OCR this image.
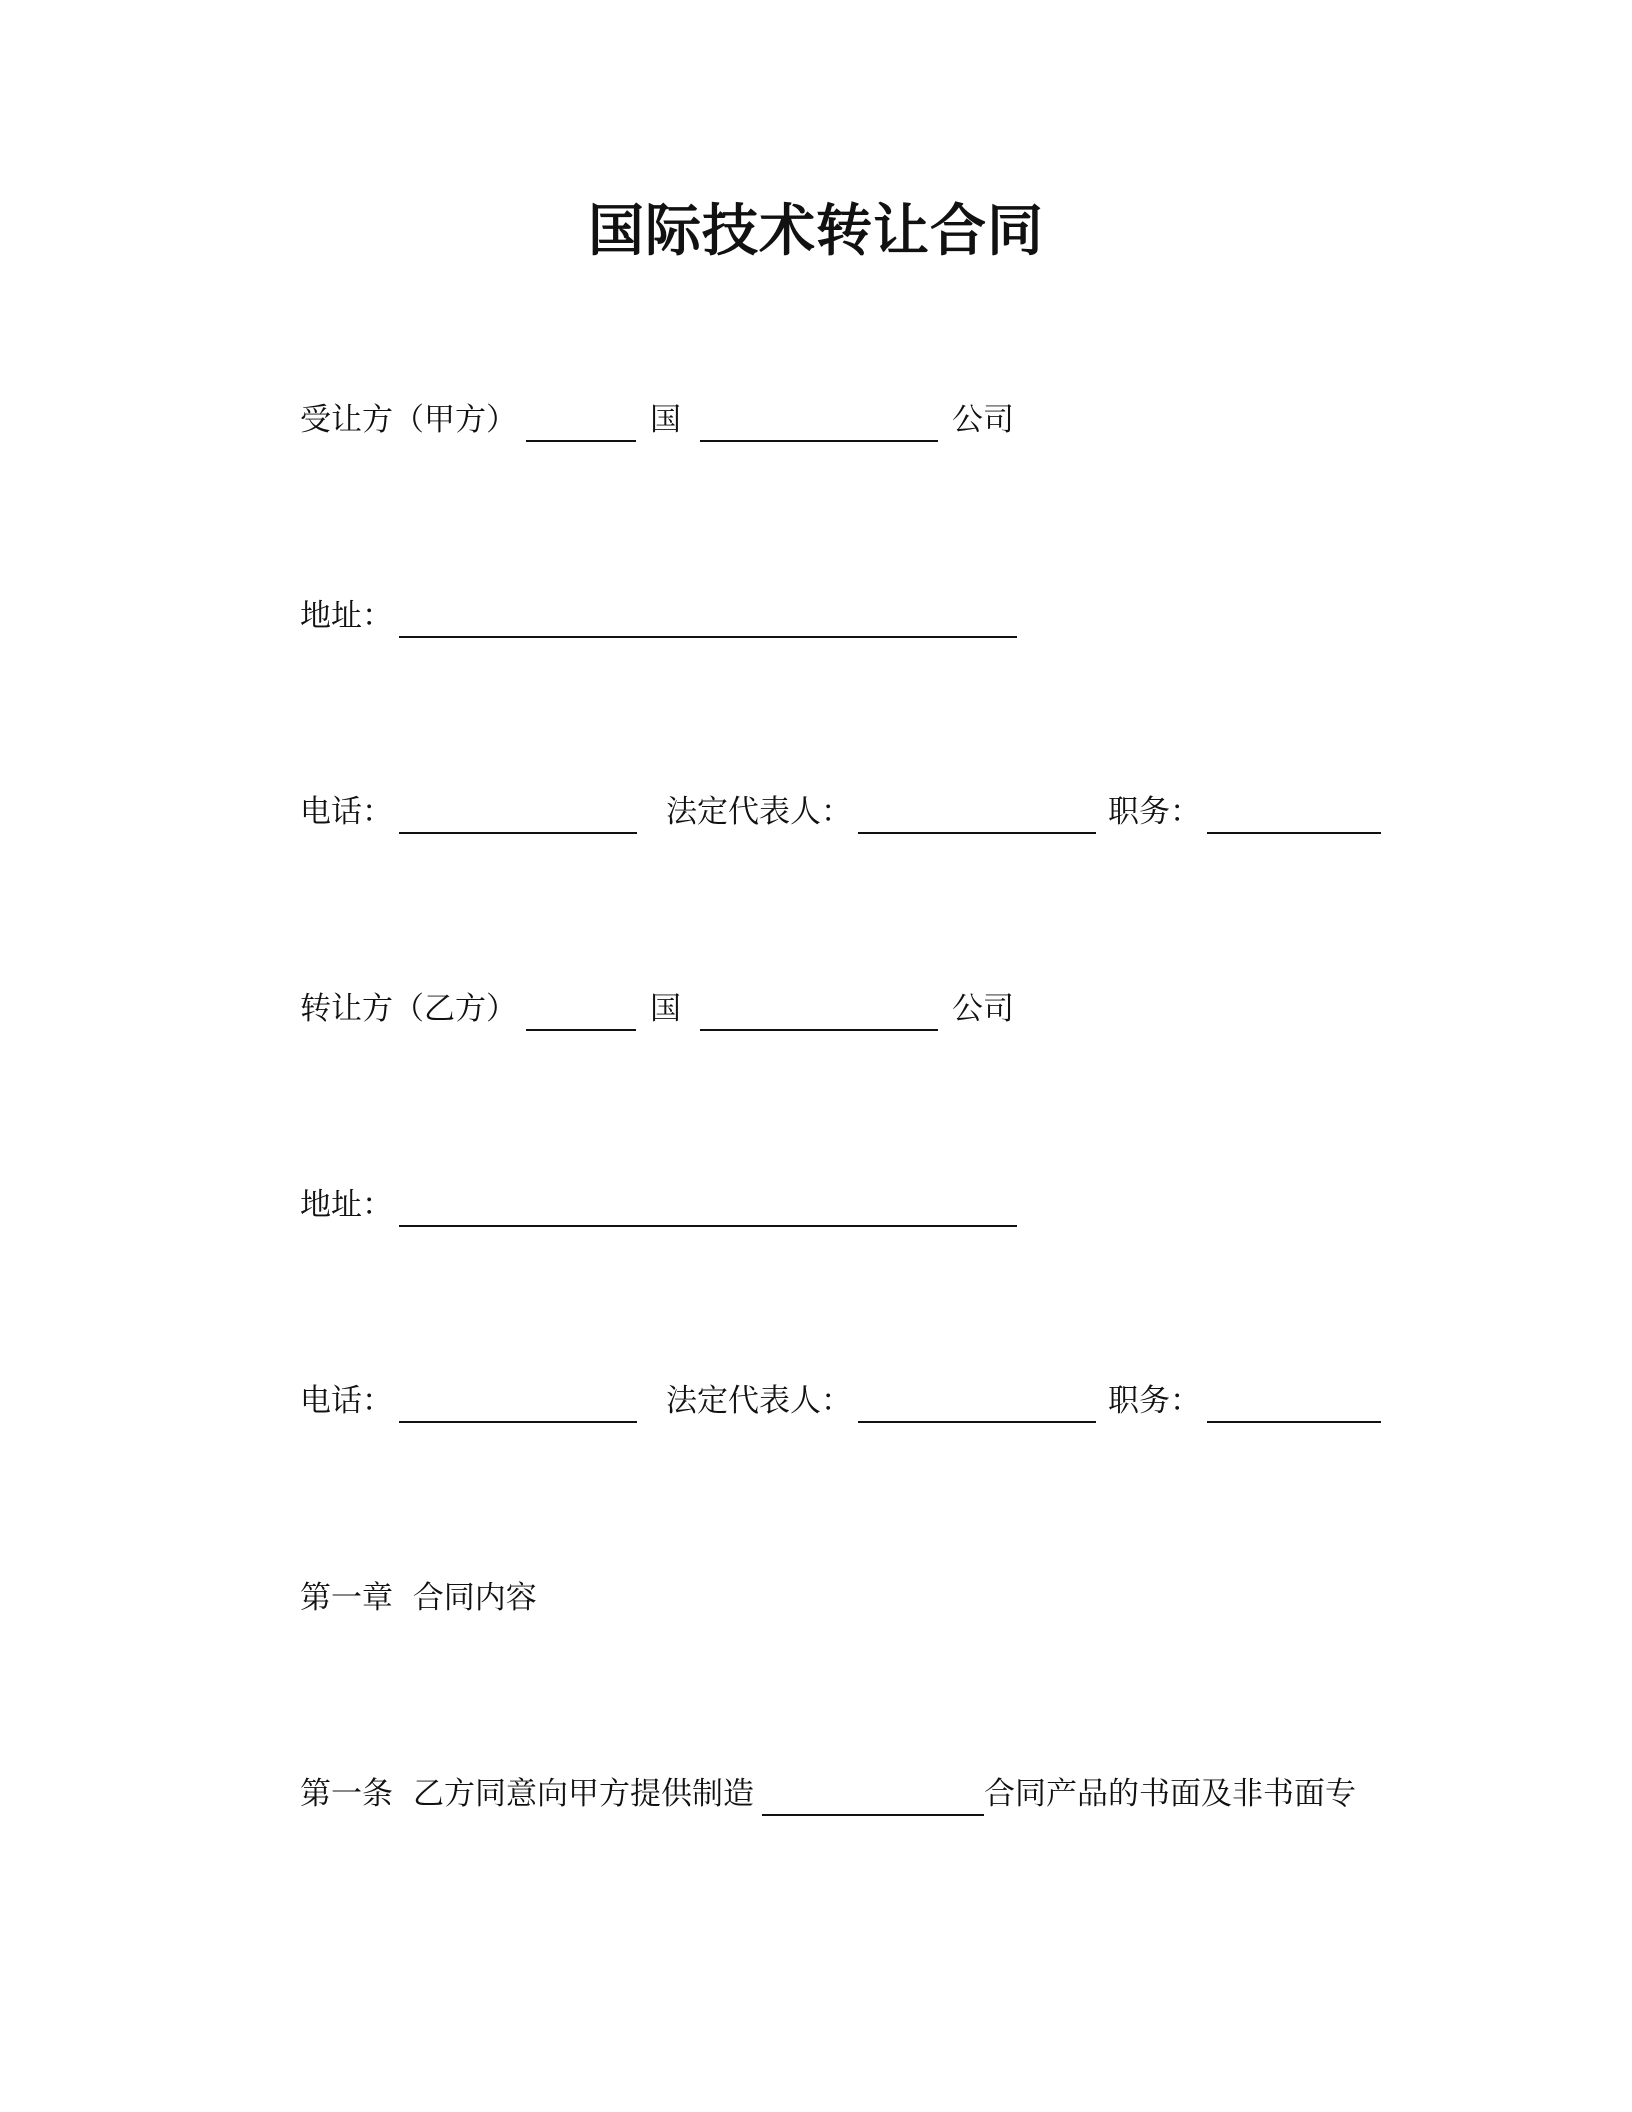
国际技术转让合同
受让方（甲方）	国	公司
地址：
电话：	法定代表人：	职务：
转让方（乙方）	国	公司
地址：
电话：	法定代表人：	职务：
第一章  合同内容
第一条 乙方同意向甲方提供制造	合同产品的书面及非书面专
